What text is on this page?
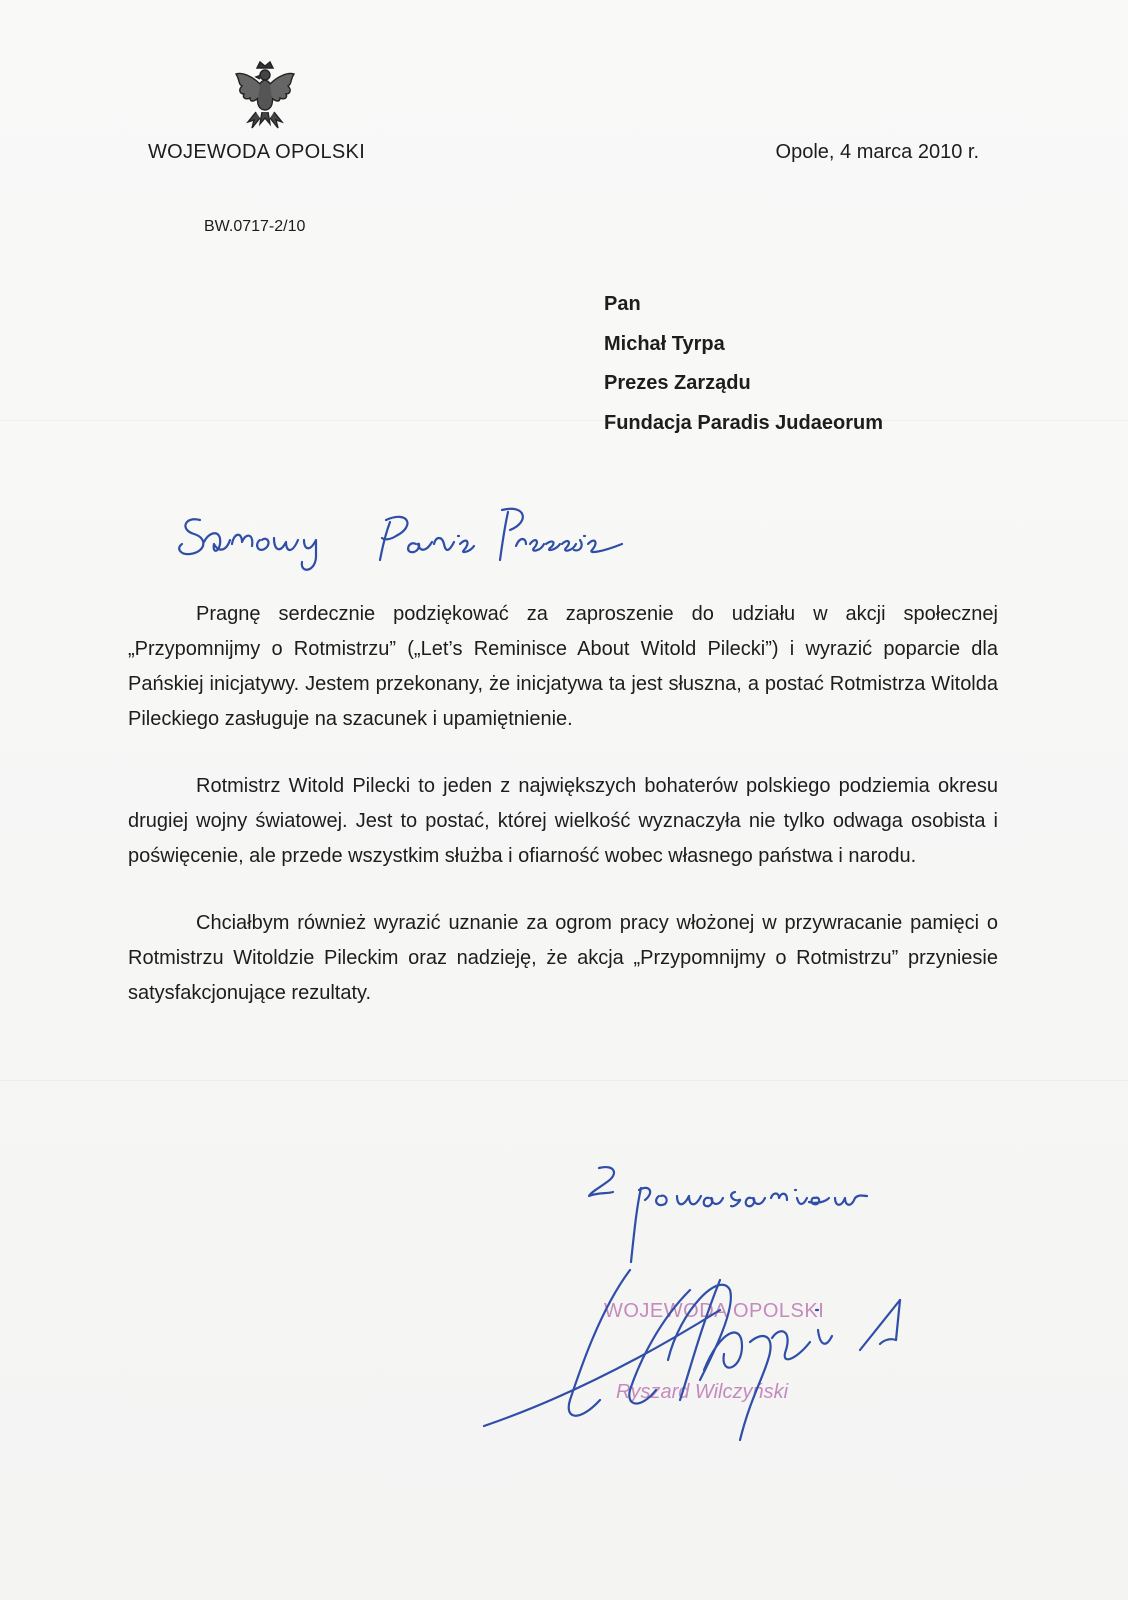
WOJEWODA OPOLSKI	Opole, 4 marca 2010 r.
BW.0717-2/10
Pan
Michał Tyrpa
Prezes Zarządu
Fundacja Paradis Judaeorum

Pragnę serdecznie podziękować za zaproszenie do udziału w akcji społecznej „Przypomnijmy o Rotmistrzu” („Let’s Reminisce About Witold Pilecki”) i wyrazić poparcie dla Pańskiej inicjatywy. Jestem przekonany, że inicjatywa ta jest słuszna, a postać Rotmistrza Witolda Pileckiego zasługuje na szacunek i upamiętnienie.

Rotmistrz Witold Pilecki to jeden z największych bohaterów polskiego podziemia okresu drugiej wojny światowej. Jest to postać, której wielkość wyznaczyła nie tylko odwaga osobista i poświęcenie, ale przede wszystkim służba i ofiarność wobec własnego państwa i narodu.

Chciałbym również wyrazić uznanie za ogrom pracy włożonej w przywracanie pamięci o Rotmistrzu Witoldzie Pileckim oraz nadzieję, że akcja „Przypomnijmy o Rotmistrzu” przyniesie satysfakcjonujące rezultaty.

WOJEWODA OPOLSKI
Ryszard Wilczyński
